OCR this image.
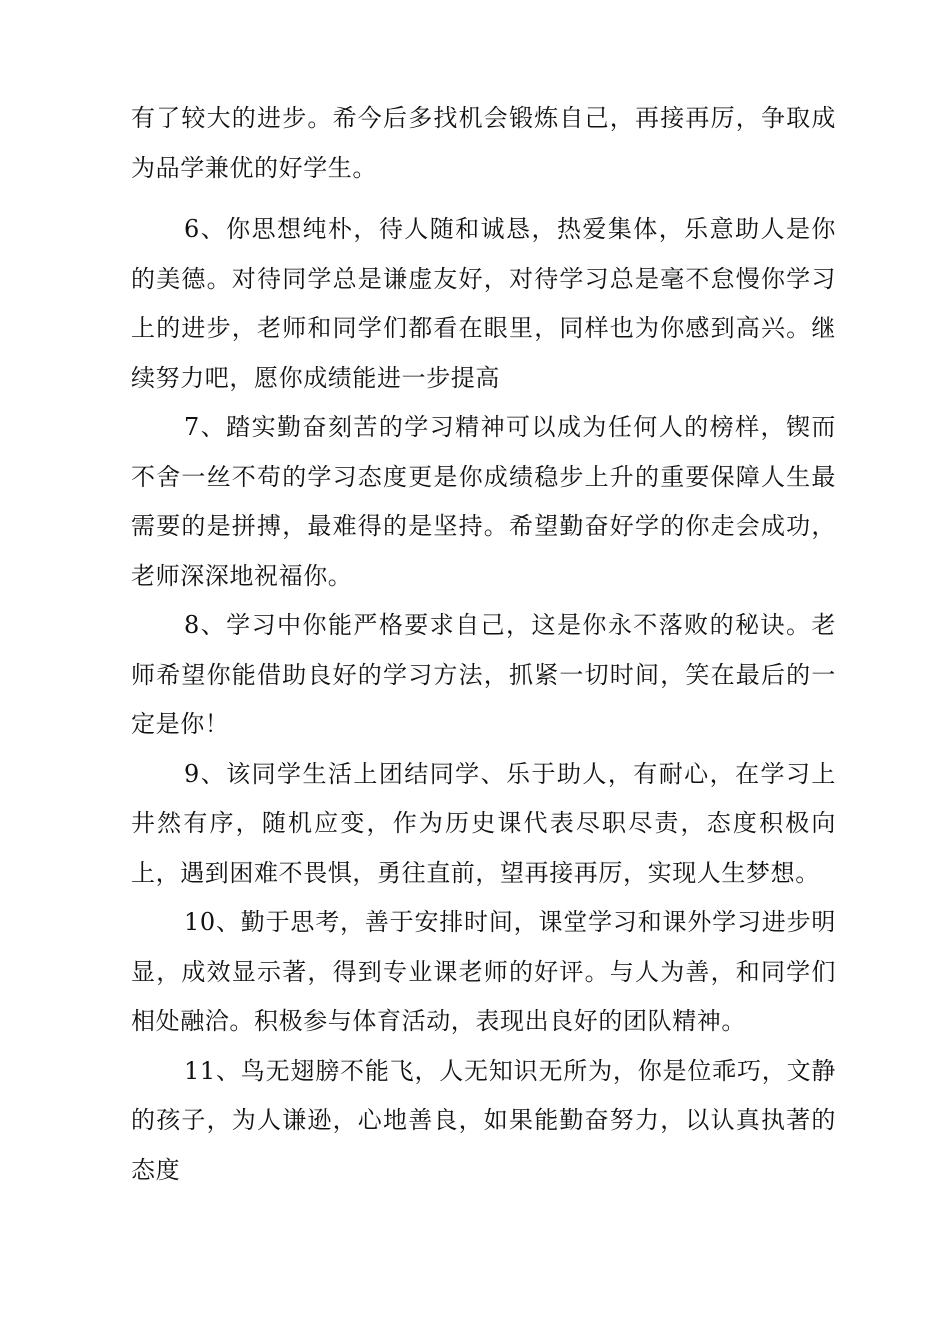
有了较大的进步。希今后多找机会锻炼自己，再接再厉，争取成为品学兼优的好学生。

6、你思想纯朴，待人随和诚恳，热爱集体，乐意助人是你的美德。对待同学总是谦虚友好，对待学习总是毫不怠慢你学习上的进步，老师和同学们都看在眼里，同样也为你感到高兴。继续努力吧，愿你成绩能进一步提高

7、踏实勤奋刻苦的学习精神可以成为任何人的榜样，锲而不舍一丝不苟的学习态度更是你成绩稳步上升的重要保障人生最需要的是拼搏，最难得的是坚持。希望勤奋好学的你走会成功，老师深深地祝福你。

8、学习中你能严格要求自己，这是你永不落败的秘诀。老师希望你能借助良好的学习方法，抓紧一切时间，笑在最后的一定是你！

9、该同学生活上团结同学、乐于助人，有耐心，在学习上井然有序，随机应变，作为历史课代表尽职尽责，态度积极向上，遇到困难不畏惧，勇往直前，望再接再厉，实现人生梦想。

10、勤于思考，善于安排时间，课堂学习和课外学习进步明显，成效显示著，得到专业课老师的好评。与人为善，和同学们相处融洽。积极参与体育活动，表现出良好的团队精神。

11、鸟无翅膀不能飞，人无知识无所为，你是位乖巧，文静的孩子，为人谦逊，心地善良，如果能勤奋努力，以认真执著的态度
